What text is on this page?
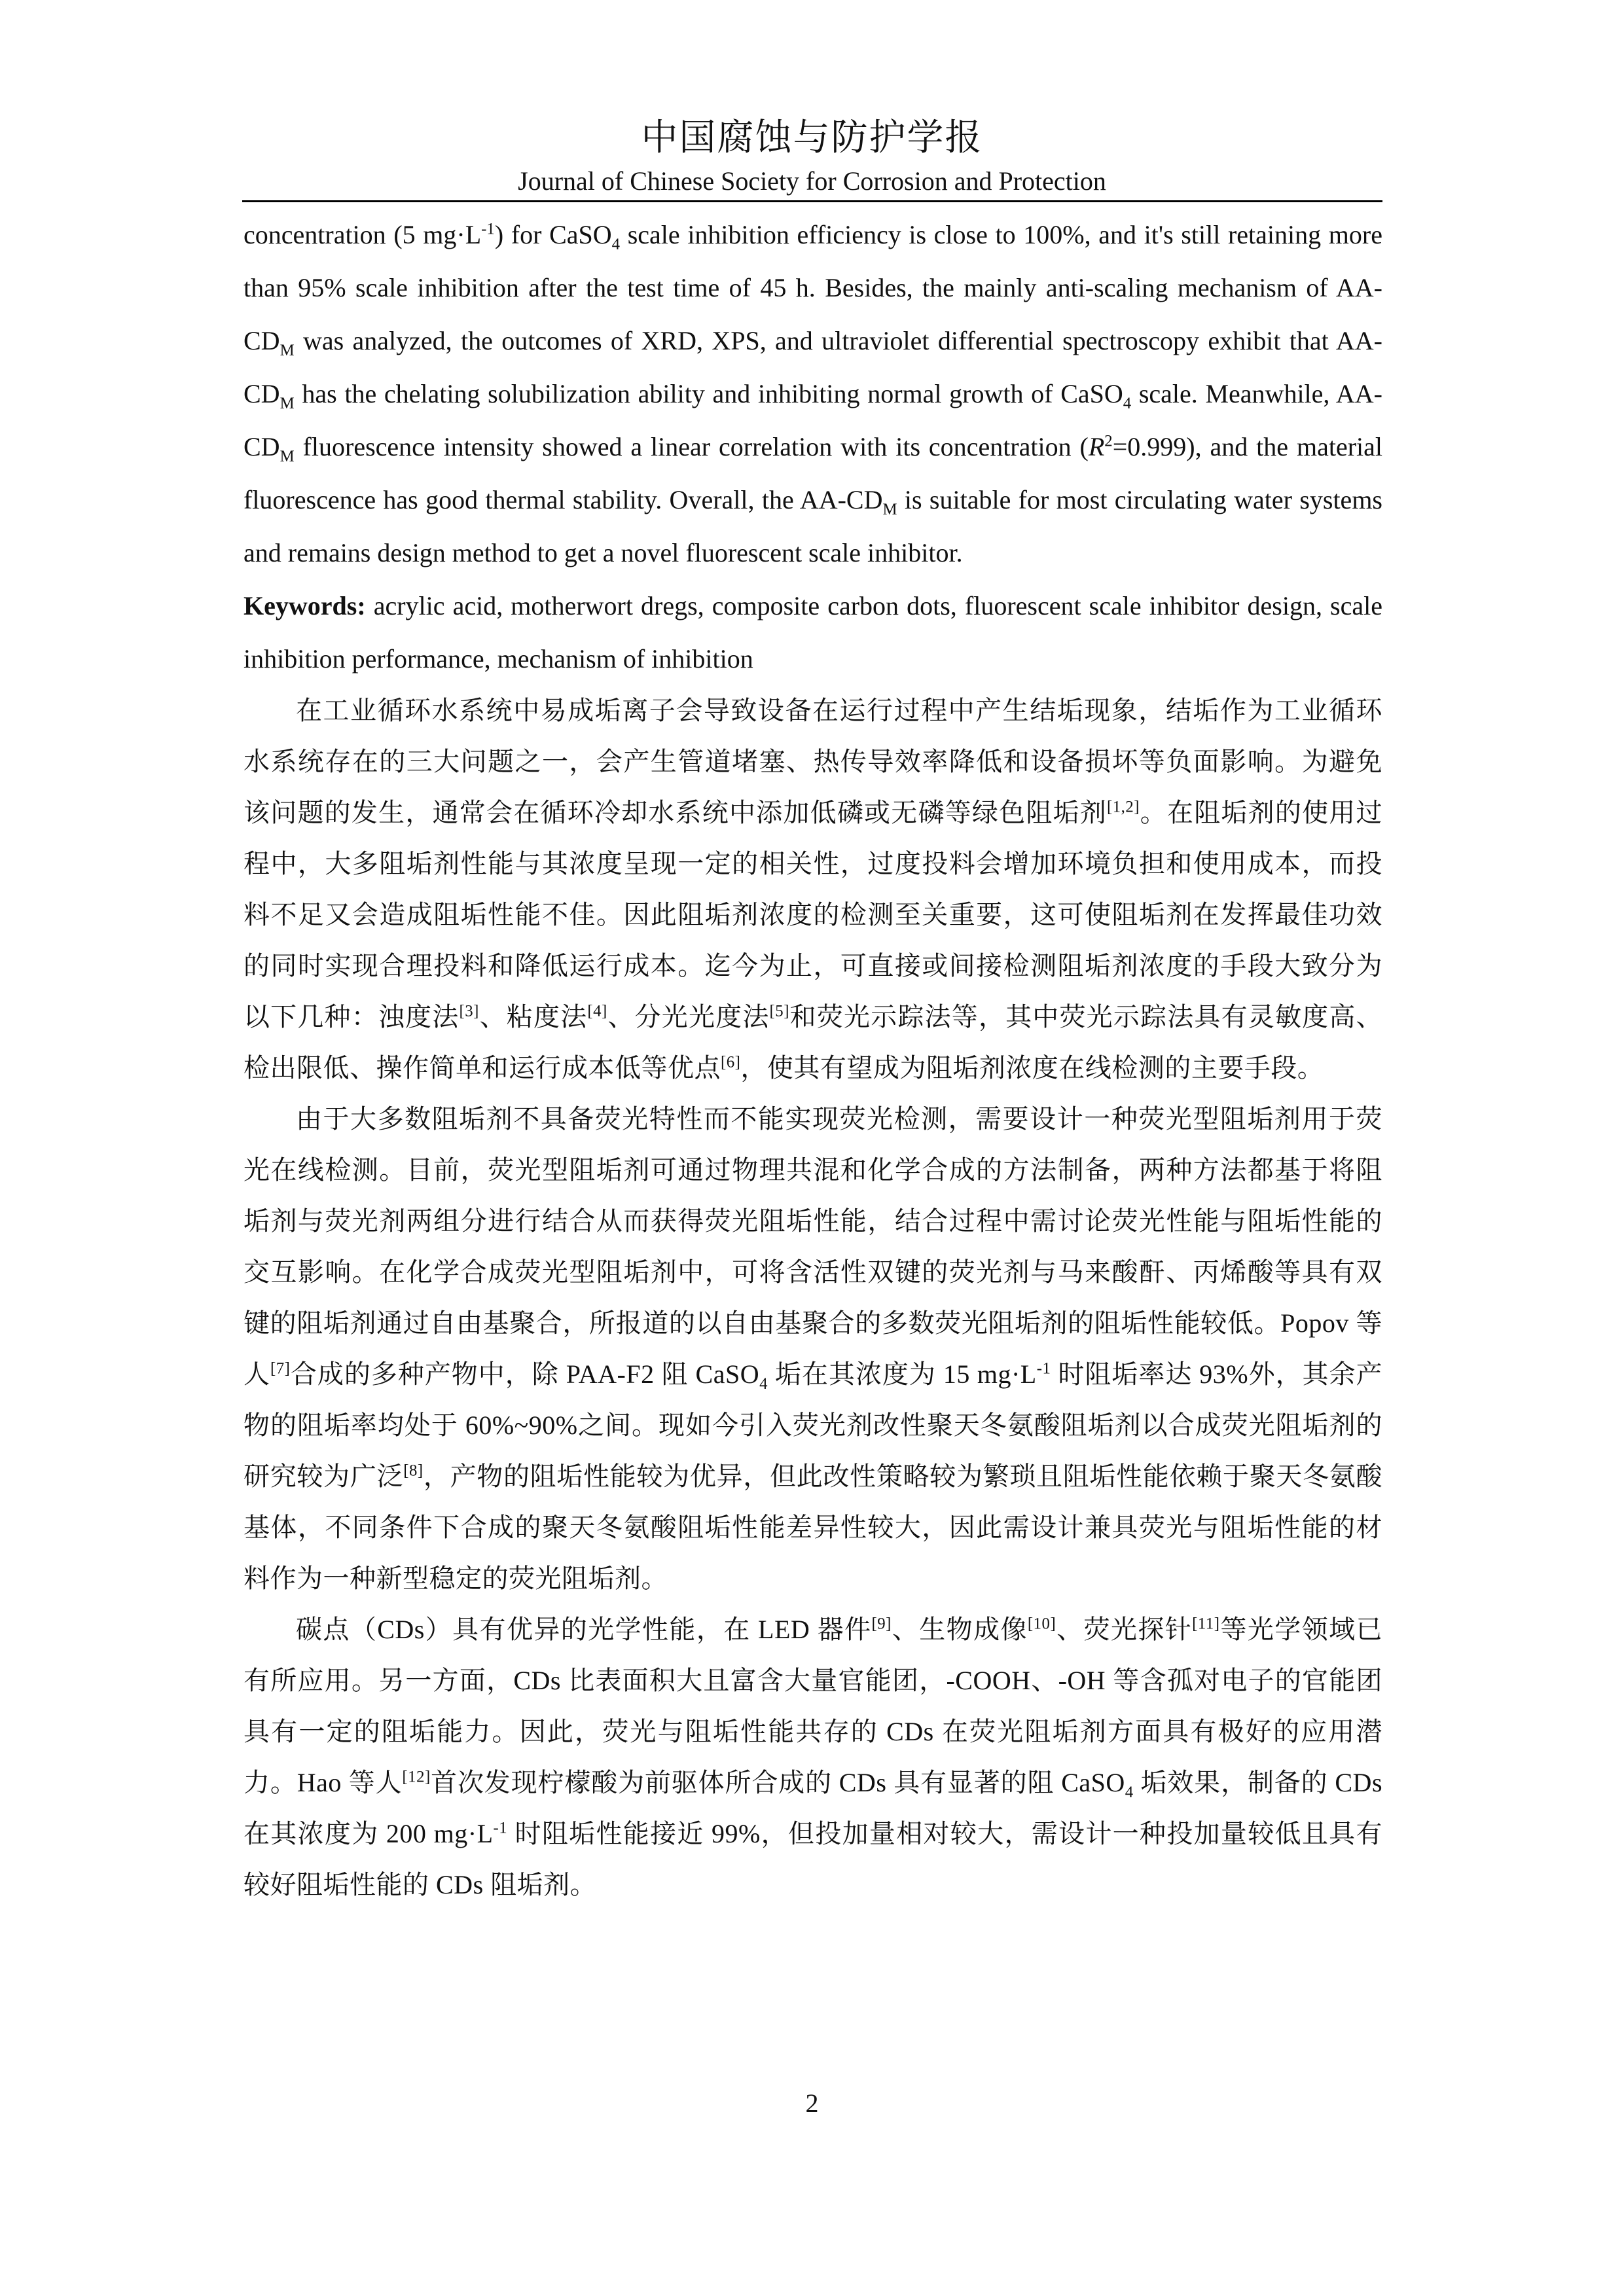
中国腐蚀与防护学报
Journal of Chinese Society for Corrosion and Protection

concentration (5 $mg\cdot L^{-1}$) for CaSO$_4$ scale inhibition efficiency is close to 100%, and it's still retaining more than 95% scale inhibition after the test time of 45 h. Besides, the mainly anti-scaling mechanism of $AA-CD_M$ was analyzed, the outcomes of XRD, XPS, and ultraviolet differential spectroscopy exhibit that $AA-CD_M$ has the chelating solubilization ability and inhibiting normal growth of CaSO$_4$ scale. Meanwhile, $AA-CD_M$ fluorescence intensity showed a linear correlation with its concentration $(R^2=0.999)$, and the material fluorescence has good thermal stability. Overall, the $AA-CD_M$ is suitable for most circulating water systems and remains design method to get a novel fluorescent scale inhibitor.

Keywords: acrylic acid, motherwort dregs, composite carbon dots, fluorescent scale inhibitor design, scale inhibition performance, mechanism of inhibition

在工业循环水系统中易成垢离子会导致设备在运行过程中产生结垢现象，结垢作为工业循环水系统存在的三大问题之一，会产生管道堵塞、热传导效率降低和设备损坏等负面影响。为避免该问题的发生，通常会在循环冷却水系统中添加低磷或无磷等绿色阻垢剂[1,2]。在阻垢剂的使用过程中，大多阻垢剂性能与其浓度呈现一定的相关性，过度投料会增加环境负担和使用成本，而投料不足又会造成阻垢性能不佳。因此阻垢剂浓度的检测至关重要，这可使阻垢剂在发挥最佳功效的同时实现合理投料和降低运行成本。迄今为止，可直接或间接检测阻垢剂浓度的手段大致分为以下几种：浊度法[3]、粘度法[4]、分光光度法[5]和荧光示踪法等，其中荧光示踪法具有灵敏度高、检出限低、操作简单和运行成本低等优点[6]，使其有望成为阻垢剂浓度在线检测的主要手段。

由于大多数阻垢剂不具备荧光特性而不能实现荧光检测，需要设计一种荧光型阻垢剂用于荧光在线检测。目前，荧光型阻垢剂可通过物理共混和化学合成的方法制备，两种方法都基于将阻垢剂与荧光剂两组分进行结合从而获得荧光阻垢性能，结合过程中需讨论荧光性能与阻垢性能的交互影响。在化学合成荧光型阻垢剂中，可将含活性双键的荧光剂与马来酸酐、丙烯酸等具有双键的阻垢剂通过自由基聚合，所报道的以自由基聚合的多数荧光阻垢剂的阻垢性能较低。Popov 等人[7]合成的多种产物中，除 PAA-F2 阻 CaSO$_4$ 垢在其浓度为 15 $mg\cdot L^{-1}$ 时阻垢率达 93%外，其余产物的阻垢率均处于 60%~90%之间。现如今引入荧光剂改性聚天冬氨酸阻垢剂以合成荧光阻垢剂的研究较为广泛[8]，产物的阻垢性能较为优异，但此改性策略较为繁琐且阻垢性能依赖于聚天冬氨酸基体，不同条件下合成的聚天冬氨酸阻垢性能差异性较大，因此需设计兼具荧光与阻垢性能的材料作为一种新型稳定的荧光阻垢剂。

碳点（CDs）具有优异的光学性能，在 LED 器件[9]、生物成像[10]、荧光探针[11]等光学领域已有所应用。另一方面，CDs 比表面积大且富含大量官能团，-COOH、-OH 等含孤对电子的官能团具有一定的阻垢能力。因此，荧光与阻垢性能共存的 CDs 在荧光阻垢剂方面具有极好的应用潜力。Hao 等人[12]首次发现柠檬酸为前驱体所合成的 CDs 具有显著的阻 CaSO$_4$ 垢效果，制备的 CDs 在其浓度为 200 $mg\cdot L^{-1}$ 时阻垢性能接近 99%，但投加量相对较大，需设计一种投加量较低且具有较好阻垢性能的 CDs 阻垢剂。

2
